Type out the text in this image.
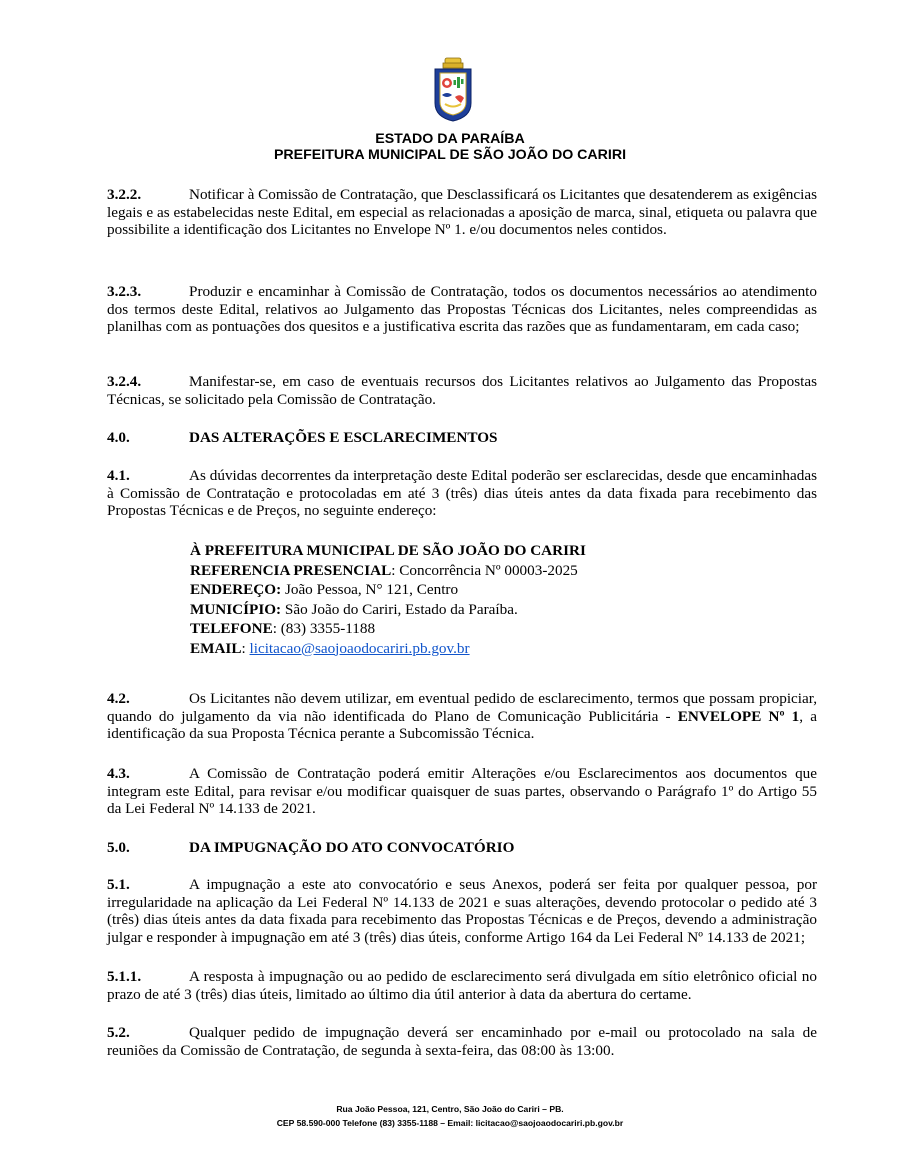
ESTADO DA PARAÍBA
PREFEITURA MUNICIPAL DE SÃO JOÃO DO CARIRI

3.2.2.	Notificar à Comissão de Contratação, que Desclassificará os Licitantes que desatenderem as exigências legais e as estabelecidas neste Edital, em especial as relacionadas a aposição de marca, sinal, etiqueta ou palavra que possibilite a identificação dos Licitantes no Envelope Nº 1. e/ou documentos neles contidos.

3.2.3.	Produzir e encaminhar à Comissão de Contratação, todos os documentos necessários ao atendimento dos termos deste Edital, relativos ao Julgamento das Propostas Técnicas dos Licitantes, neles compreendidas as planilhas com as pontuações dos quesitos e a justificativa escrita das razões que as fundamentaram, em cada caso;

3.2.4.	Manifestar-se, em caso de eventuais recursos dos Licitantes relativos ao Julgamento das Propostas Técnicas, se solicitado pela Comissão de Contratação.

4.0.	DAS ALTERAÇÕES E ESCLARECIMENTOS

4.1.	As dúvidas decorrentes da interpretação deste Edital poderão ser esclarecidas, desde que encaminhadas à Comissão de Contratação e protocoladas em até 3 (três) dias úteis antes da data fixada para recebimento das Propostas Técnicas e de Preços, no seguinte endereço:

À PREFEITURA MUNICIPAL DE SÃO JOÃO DO CARIRI
REFERENCIA PRESENCIAL: Concorrência Nº 00003-2025
ENDEREÇO: João Pessoa, N° 121, Centro
MUNICÍPIO: São João do Cariri, Estado da Paraíba.
TELEFONE: (83) 3355-1188
EMAIL: licitacao@saojoaodocariri.pb.gov.br

4.2.	Os Licitantes não devem utilizar, em eventual pedido de esclarecimento, termos que possam propiciar, quando do julgamento da via não identificada do Plano de Comunicação Publicitária - ENVELOPE Nº 1, a identificação da sua Proposta Técnica perante a Subcomissão Técnica.

4.3.	A Comissão de Contratação poderá emitir Alterações e/ou Esclarecimentos aos documentos que integram este Edital, para revisar e/ou modificar quaisquer de suas partes, observando o Parágrafo 1º do Artigo 55 da Lei Federal Nº 14.133 de 2021.

5.0.	DA IMPUGNAÇÃO DO ATO CONVOCATÓRIO

5.1.	A impugnação a este ato convocatório e seus Anexos, poderá ser feita por qualquer pessoa, por irregularidade na aplicação da Lei Federal Nº 14.133 de 2021 e suas alterações, devendo protocolar o pedido até 3 (três) dias úteis antes da data fixada para recebimento das Propostas Técnicas e de Preços, devendo a administração julgar e responder à impugnação em até 3 (três) dias úteis, conforme Artigo 164 da Lei Federal Nº 14.133 de 2021;

5.1.1.	A resposta à impugnação ou ao pedido de esclarecimento será divulgada em sítio eletrônico oficial no prazo de até 3 (três) dias úteis, limitado ao último dia útil anterior à data da abertura do certame.

5.2.	Qualquer pedido de impugnação deverá ser encaminhado por e-mail ou protocolado na sala de reuniões da Comissão de Contratação, de segunda à sexta-feira, das 08:00 às 13:00.

Rua João Pessoa, 121, Centro, São João do Cariri – PB.
CEP 58.590-000 Telefone (83) 3355-1188 – Email: licitacao@saojoaodocariri.pb.gov.br
